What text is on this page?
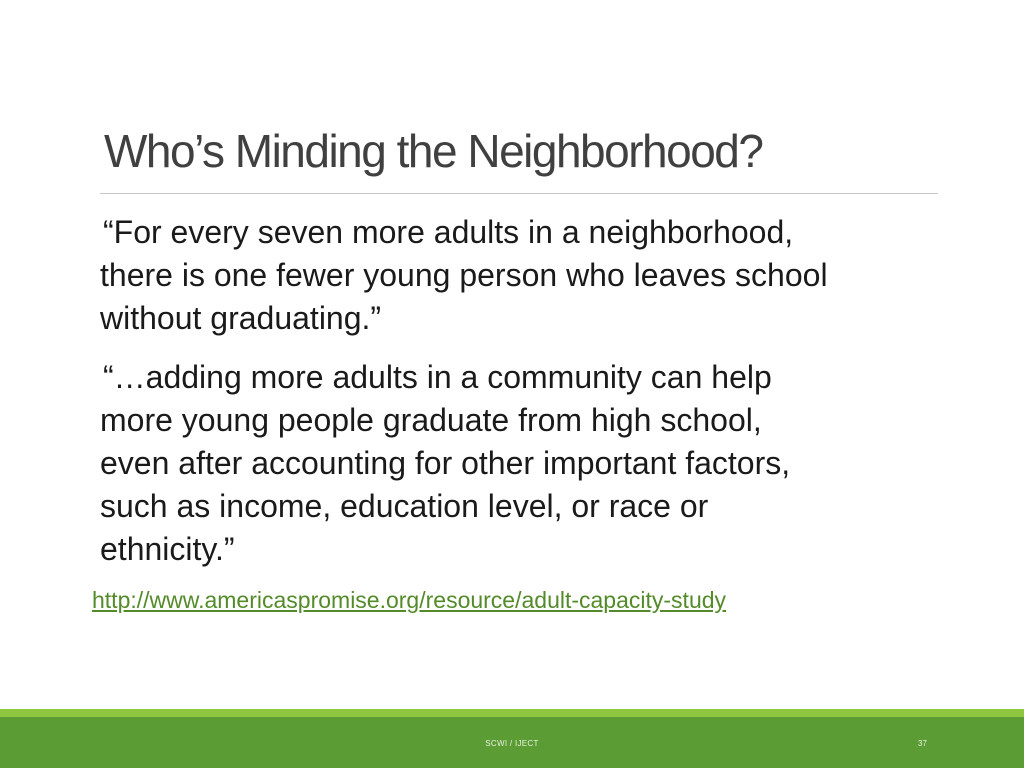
Who’s Minding the Neighborhood?
“For every seven more adults in a neighborhood,
there is one fewer young person who leaves school
without graduating.”
“…adding more adults in a community can help
more young people graduate from high school,
even after accounting for other important factors,
such as income, education level, or race or
ethnicity.”
http://www.americaspromise.org/resource/adult-capacity-study
SCWI / IJECT	37
